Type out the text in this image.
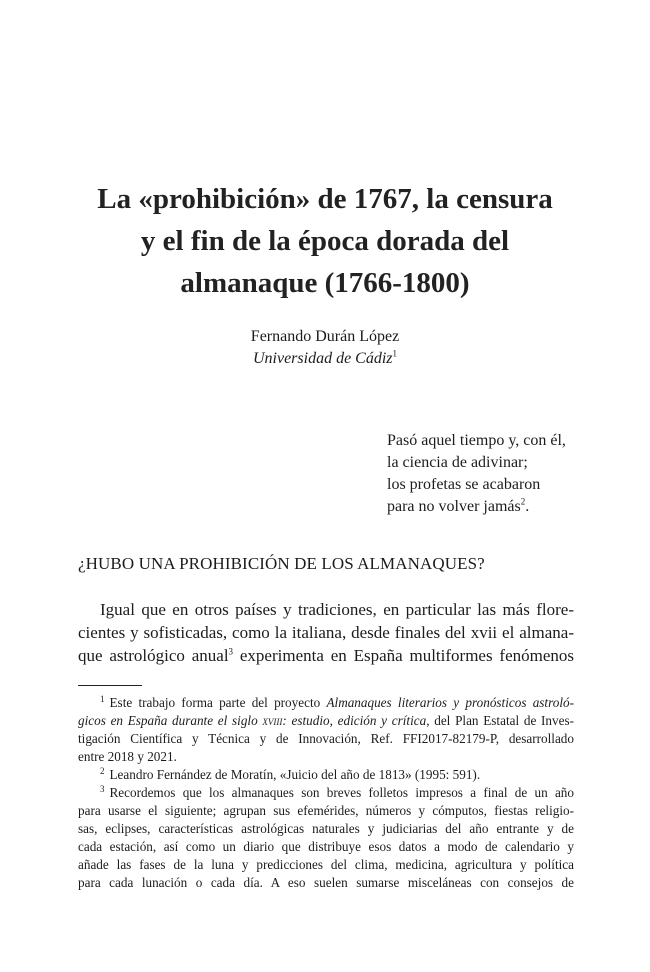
La «prohibición» de 1767, la censura
y el fin de la época dorada del
almanaque (1766-1800)
Fernando Durán López
Universidad de Cádiz$^1$
Pasó aquel tiempo y, con él,
la ciencia de adivinar;
los profetas se acabaron
para no volver jamás$^2$.
¿HUBO UNA PROHIBICIÓN DE LOS ALMANAQUES?
Igual que en otros países y tradiciones, en particular las más flore-
cientes y sofisticadas, como la italiana, desde finales del xvii el almana-
que astrológico anual$^3$ experimenta en España multiformes fenómenos
$^1$ Este trabajo forma parte del proyecto Almanaques literarios y pronósticos astroló-
gicos en España durante el siglo xviii: estudio, edición y crítica, del Plan Estatal de Inves-
tigación Científica y Técnica y de Innovación, Ref. FFI2017-82179-P, desarrollado
entre 2018 y 2021.
$^2$ Leandro Fernández de Moratín, «Juicio del año de 1813» (1995: 591).
$^3$ Recordemos que los almanaques son breves folletos impresos a final de un año
para usarse el siguiente; agrupan sus efemérides, números y cómputos, fiestas religio-
sas, eclipses, características astrológicas naturales y judiciarias del año entrante y de
cada estación, así como un diario que distribuye esos datos a modo de calendario y
añade las fases de la luna y predicciones del clima, medicina, agricultura y política
para cada lunación o cada día. A eso suelen sumarse misceláneas con consejos de
